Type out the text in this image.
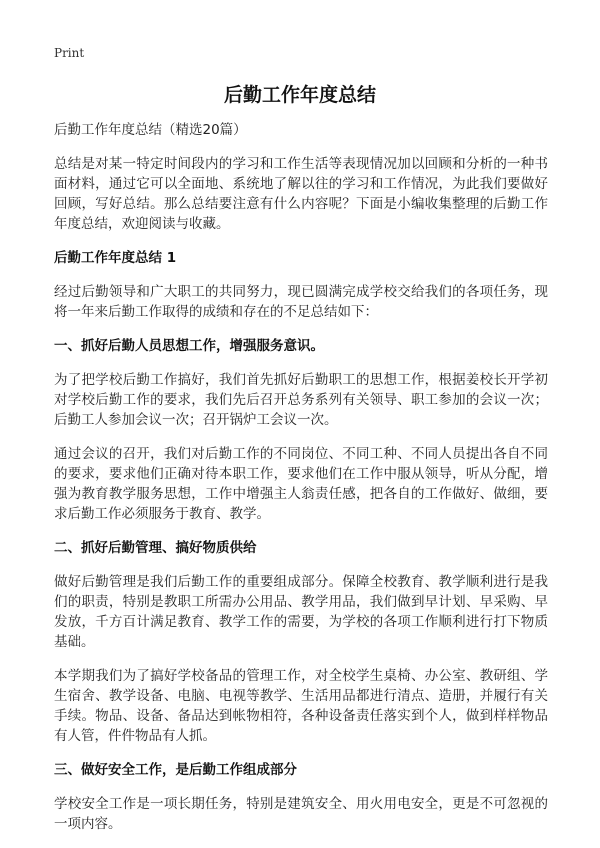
Print
后勤工作年度总结

后勤工作年度总结（精选20篇）

总结是对某一特定时间段内的学习和工作生活等表现情况加以回顾和分析的一种书面材料，通过它可以全面地、系统地了解以往的学习和工作情况，为此我们要做好回顾，写好总结。那么总结要注意有什么内容呢？下面是小编收集整理的后勤工作年度总结，欢迎阅读与收藏。

后勤工作年度总结 1

经过后勤领导和广大职工的共同努力，现已圆满完成学校交给我们的各项任务，现将一年来后勤工作取得的成绩和存在的不足总结如下：

一、抓好后勤人员思想工作，增强服务意识。

为了把学校后勤工作搞好，我们首先抓好后勤职工的思想工作，根据姜校长开学初对学校后勤工作的要求，我们先后召开总务系列有关领导、职工参加的会议一次；后勤工人参加会议一次；召开锅炉工会议一次。

通过会议的召开，我们对后勤工作的不同岗位、不同工种、不同人员提出各自不同的要求，要求他们正确对待本职工作，要求他们在工作中服从领导，听从分配，增强为教育教学服务思想，工作中增强主人翁责任感，把各自的工作做好、做细，要求后勤工作必须服务于教育、教学。

二、抓好后勤管理、搞好物质供给

做好后勤管理是我们后勤工作的重要组成部分。保障全校教育、教学顺利进行是我们的职责，特别是教职工所需办公用品、教学用品，我们做到早计划、早采购、早发放，千方百计满足教育、教学工作的需要，为学校的各项工作顺利进行打下物质基础。

本学期我们为了搞好学校备品的管理工作，对全校学生桌椅、办公室、教研组、学生宿舍、教学设备、电脑、电视等教学、生活用品都进行清点、造册，并履行有关手续。物品、设备、备品达到帐物相符，各种设备责任落实到个人，做到样样物品有人管，件件物品有人抓。

三、做好安全工作，是后勤工作组成部分

学校安全工作是一项长期任务，特别是建筑安全、用火用电安全，更是不可忽视的一项内容。
